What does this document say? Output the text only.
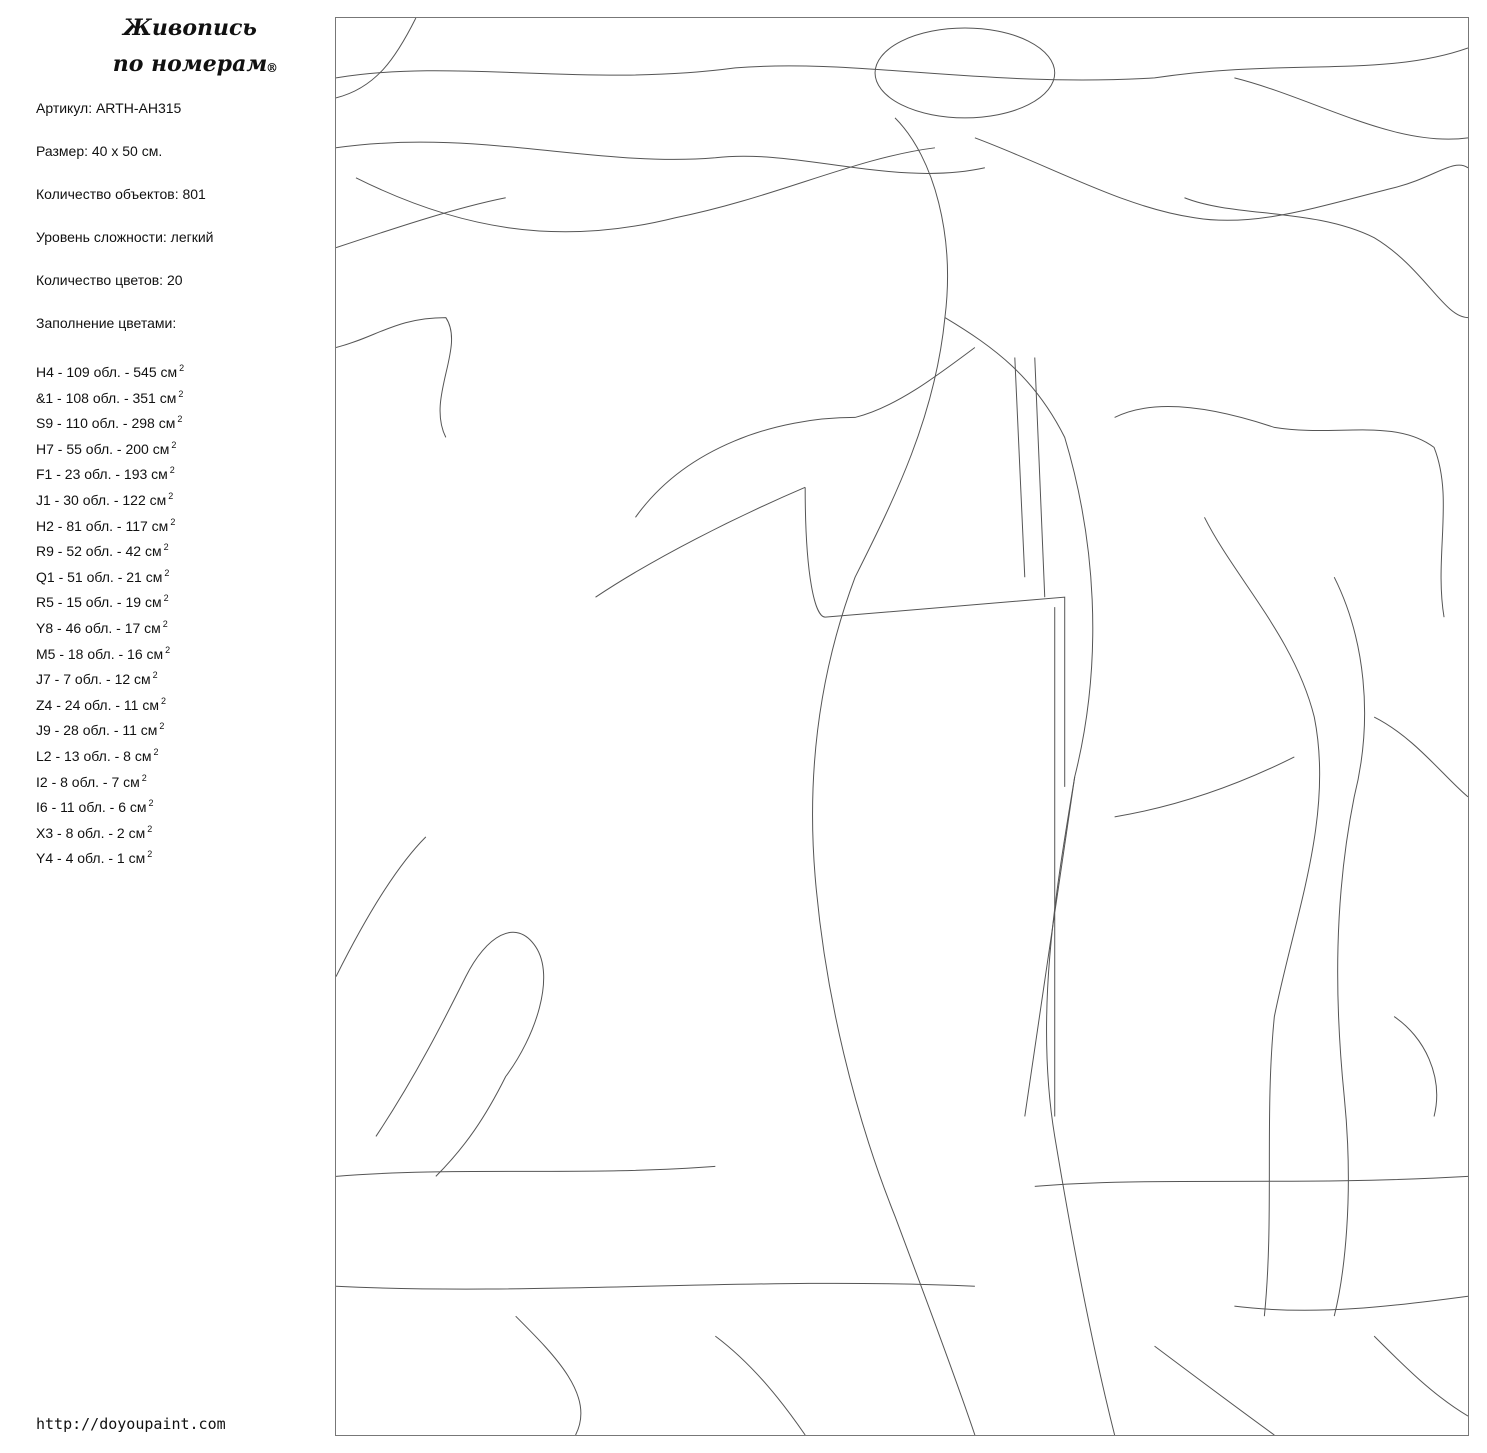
Живопись
по номерам
®
Артикул: ARTH-AH315
Размер: 40 х 50 см.
Количество объектов: 801
Уровень сложности: легкий
Количество цветов: 20
Заполнение цветами:
H4 - 109 обл. - 545 см $^2$
&1 - 108 обл. - 351 см $^2$
S9 - 110 обл. - 298 см $^2$
H7 - 55 обл. - 200 см $^2$
F1 - 23 обл. - 193 см $^2$
J1 - 30 обл. - 122 см $^2$
H2 - 81 обл. - 117 см $^2$
R9 - 52 обл. - 42 см $^2$
Q1 - 51 обл. - 21 см $^2$
R5 - 15 обл. - 19 см $^2$
Y8 - 46 обл. - 17 см $^2$
M5 - 18 обл. - 16 см $^2$
J7 - 7 обл. - 12 см $^2$
Z4 - 24 обл. - 11 см $^2$
J9 - 28 обл. - 11 см $^2$
L2 - 13 обл. - 8 см $^2$
I2 - 8 обл. - 7 см $^2$
I6 - 11 обл. - 6 см $^2$
X3 - 8 обл. - 2 см $^2$
Y4 - 4 обл. - 1 см $^2$
http://doyoupaint.com
